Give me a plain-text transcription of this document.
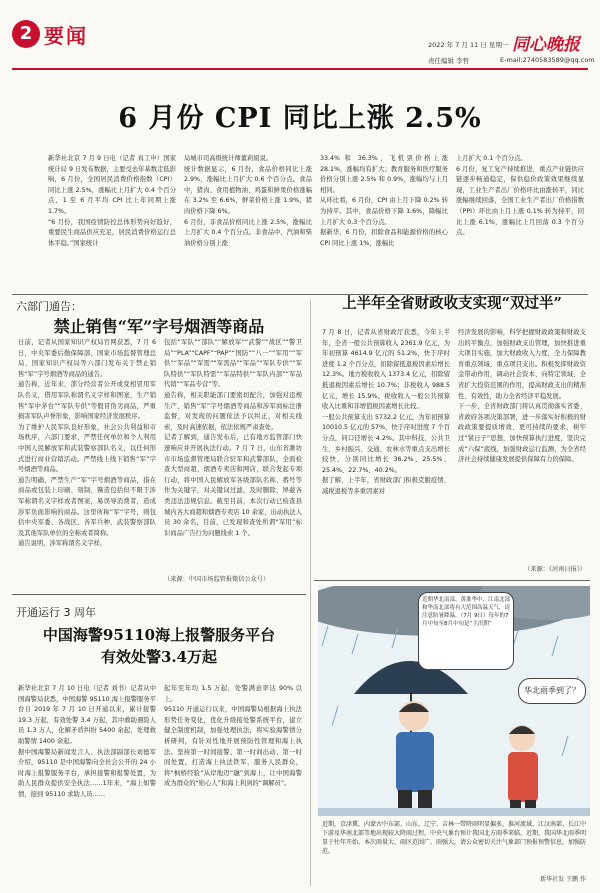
2 要闻	2022 年 7 月 11 日 星期一 同心晚报
责任编辑 李哲	E-mail:2740583589@qq.com
6 月份 CPI 同比上涨 2.5%
新华社北京 7 月 9 日电（记者 真工申）国家统计局 9 日发布数据，主要受去年基数走低影响，6 月份，全国居民消费价格指数（CPI）同比上涨 2.5%，涨幅比上月扩大 0.4 个百分点，1 至 6 月平均 CPI 比上年同期上涨 1.7%。
“6 月份，我国疫情防控总体形势向好趋好，重要民生商品供应充足，居民消费价格运行总体平稳。”国家统计
局城市司高级统计师董莉娟说。
统计数据显示，6 月份，食品价格同比上涨 2.9%，涨幅比上月扩大 0.6 个百分点。食品中，猪肉、食用植物油、鸡蛋和鲜果价格涨幅在 3.2% 至 6.6%，鲜菜价格上涨 1.9%，猪肉价格下降 6%。
6 月份，非食品价格同比上涨 2.5%，涨幅比上月扩大 0.4 个百分点。非食品中，汽油和柴油价格分别上涨
33.4% 和 36.3%，飞机票价格上涨 28.1%，涨幅均有扩大；教育服务和医疗服务价格分别上涨 2.5% 和 0.9%，涨幅均与上月相同。
从环比看，6 月份，CPI 由上月下降 0.2% 转为持平。其中，食品价格下降 1.6%，降幅比上月扩大 0.3 个百分点。
据新华，6 月份，扣除食品和能源价格的核心 CPI 同比上涨 1%，涨幅比
上月扩大 0.1 个百分点。
6 月份，复工复产持续推进，重点产业链供应链逐步畅通稳定，保供稳价政策效果继续显现，工业生产者出厂价格环比由涨转平，同比涨幅继续回落，全国工业生产者出厂价格指数（PPI）环比由上月上涨 0.1% 转为持平，同比上涨 6.1%，涨幅比上月回落 0.3 个百分点。
六部门通告：
禁止销售“军”字号烟酒等商品
日前，记者从国家知识产权局官网获悉，7 月 6 日，中央军委后勤保障部、国家市场监督管理总局、国家知识产权局等六部门发布关于禁止销售“军”字号烟酒等商品的通告。
通告称，近年来，部分经营者公开或变相冒用军队名义，借用军队称谓名义字样和图案，生产销售“军中茅台”“军队专供”等假冒伪劣商品，严重损害军队声誉形象，影响国家经济发展秩序。
为了维护人民军队良好形象，社会公共利益和市场秩序，六部门要求，严禁任何单位和个人利用中国人民解放军和武装警察部队名义，以任何形式进行商业营销活动。严禁线上线下销售“军”字号烟酒等商品。
通告明确，严禁生产“军”字号烟酒等商品，指在商品或包装上印刷、刻制、镌造包括但不限于涉军称谓名义字样或者图案，易误导消费者，造成涉军负面影响的商品。这里所称“军”字号，则包括中央军委、各战区、各军兵种、武装警察部队及其他军队单位的全称或者简称。
通告说明，涉军称谓名义字样，
包括“军队”“部队”“解放军”“武警”“战区”“警卫局”“PLA”“CAPF”“PAP”“国防”“八一”“军用”“军供”“军品”“军需”“军需品”“军品”“军队专供”“军队特供”“军队特需”“军品特供”“军队内部”“军品代销”“军品专营”等。
通告称，相关职能部门要密切配合，加强对违规生产、销售“军”字号烟酒等商品和涉军商标注册监督，对发现的问题依法予以纠正，对相关线索，及时高速依据，依法依规严肃查处。
记者了解到，通告发布后，已有地方监管部门快速响应并开展执法行动。7 月 7 日，山东省潍坊市市场监督管理局联合驻军和武警部队，全面检查大型商超、烟酒专卖店和网店，联合发起专项行动，将中国人民解放军各级部队名称、番号等作为关键字，对关键词过滤，及时删除、屏蔽各类违法违规信息。截至目前，本次行动已检查县城内各大商超和烟酒专卖店 10 余家，出动执法人员 30 余名，目前，已发现和查处所谓“军用”标识商品广告行为问题线索 1 个。
（来源：中国市场监管报微信公众号）
上半年全省财政收支实现“双过半”
7 月 8 日，记者从省财政厅获悉，今年上半年，全省一般公共预算收入 2361.9 亿元，为年初预算 4614.9 亿元的 51.2%，快于序时进度 1.2 个百分点，扣除留抵退税因素后增长 12.3%。地方税收收入 1373.4 亿元，扣除留抵退税因素后增长 10.7%；非税收入 988.5 亿元，增长 15.9%。税收收入一般公共预算收入比重和非增值税因素增长比较。
一般公共预算支出 5732.2 亿元，为年初预算 10010.5 亿元的 57%，快于序时进度 7 个百分点，同口径增长 4.2%。其中科技、公共卫生、乡村振兴、交通、农林水等重点支出增长较快，分别同比增长 36.2%、25.5%、25.4%、22.7%、40.2%。
据了解，上半年，省财政部门积极克服疫情、减税退税等多重因素对
经济发展的影响，科学把握财政政策和财政支出的平衡点，加强财政支出管理，加快推进重大项目实施，加大财政收入力度，全力保障教育重点领域、重点项目支出。积极发挥财政资金带动作用，调动社会资本、向特定领域、全省扩大投资范围的作用，提高财政支出的精准性、有效性，助力全省经济平稳发展。
下一步，全省财政部门将认真贯彻落实省委、省政府各项决策部署，进一步落实好积极的财政政策要提质增效、更可持续的要求，树牢过“紧日子”思想，加快预算执行进度，坚决完成“六保”底线，加强财政运行监测，为全省经济社会持续健康发展提供保障有力的保障。
（来源：《河南日报》）
开通运行 3 周年
中国海警95110海上报警服务平台
有效处警3.4万起
新华社北京 7 月 10 日电（记者 刘书）记者从中国海警局获悉，中国海警 95110 海上报警服务平台自 2019 年 7 月 10 日开通以来，累计接警 19.3 万起，有效处警 3.4 万起，其中救助遇险人员 1.3 万人，化解矛盾纠纷 5400 余起，处理救助警情 1400 余起。
据中国海警局新闻发言人、执法部副部长刘德军介绍，95110 是中国海警向全社会公开的 24 小时海上报警服务平台，承担接警和报警处置，为助人民群众提供安全执法……1年来，“海上如警情，接到 95110 求助人员……
起年至年均 1.5 万起，处警满意率达 90% 以上。
95110 开通运行以来，中国海警局根据海上执法形势任务变化，优化升级接处警系统平台，建立健全制度机制，加强处理执法，将实验海警情分析研判，有针对性地开展预防性管理和海上执法。坚持第一时间接警、第一时间出动、第一时间处置，打造海上执法铁军，服务人民群众，将“枫桥经验”从岸地迈“融”到海上，让中国海警成为群众的“贴心人”和海上利剑的“调解员”。
近期华北南部、黄淮华中、江南北部和华南北部将有大范围高温天气，请注意防暑降温。（7月 9日）每年的7月中旬至8月中旬是“主汛期”
华北雨季到了？
近期，京津冀、内蒙古中东部、山东、辽宁、吉林一带降雨明显偏多，淮河流域、江汉南部、长江中下游及华南北部等地出现较大降雨过程，中央气象台预计我国北方雨季来临，近期，我国华北雨季明显于往年开始。本次雨量大、雨区范围广、雨强大，请公众密切关注气象部门预报预警信息，加强防范。
新华社发 王鹏 作
